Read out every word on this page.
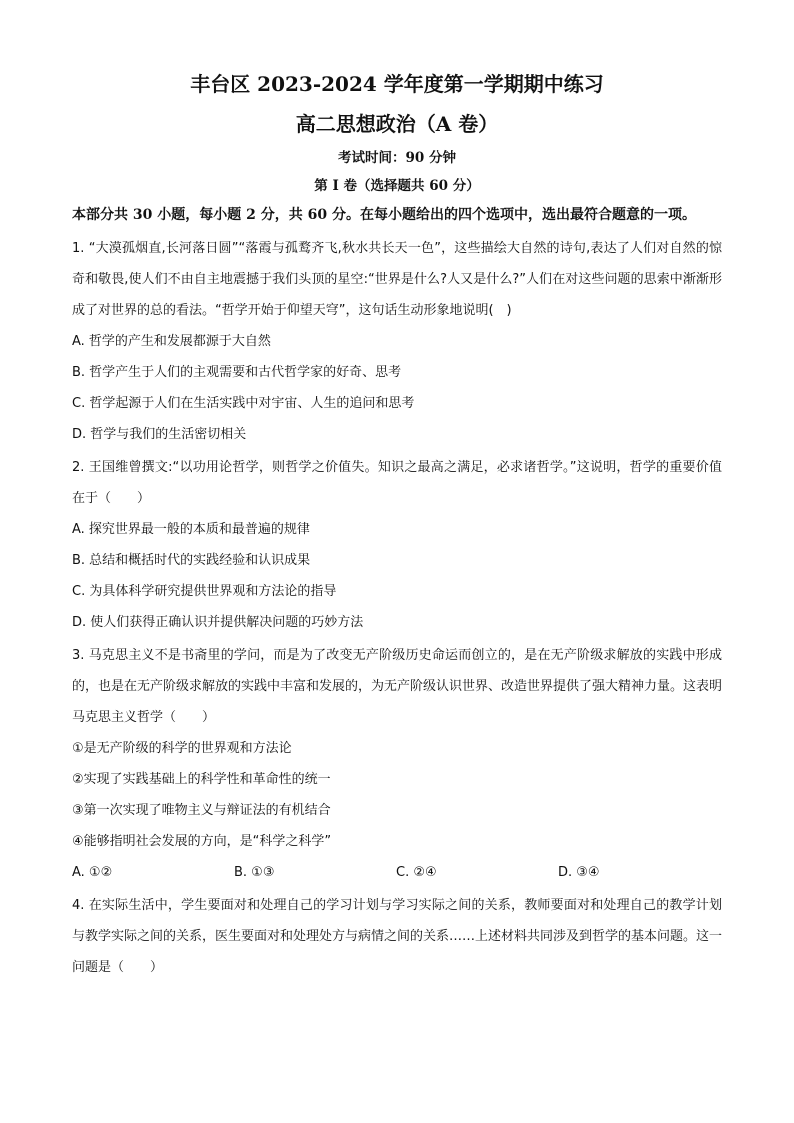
丰台区 2023-2024 学年度第一学期期中练习
高二思想政治（A 卷）
考试时间：90 分钟
第 I 卷（选择题共 60 分）
本部分共 30 小题，每小题 2 分，共 60 分。在每小题给出的四个选项中，选出最符合题意的一项。
1. “大漠孤烟直,长河落日圆”“落霞与孤鹜齐飞,秋水共长天一色”，这些描绘大自然的诗句,表达了人们对自然的惊奇和敬畏,使人们不由自主地震撼于我们头顶的星空:“世界是什么?人又是什么?”人们在对这些问题的思索中渐渐形成了对世界的总的看法。“哲学开始于仰望天穹”，这句话生动形象地说明(　)
A. 哲学的产生和发展都源于大自然
B. 哲学产生于人们的主观需要和古代哲学家的好奇、思考
C. 哲学起源于人们在生活实践中对宇宙、人生的追问和思考
D. 哲学与我们的生活密切相关
2. 王国维曾撰文:“以功用论哲学，则哲学之价值失。知识之最高之满足，必求诸哲学。”这说明，哲学的重要价值在于（　　）
A. 探究世界最一般的本质和最普遍的规律
B. 总结和概括时代的实践经验和认识成果
C. 为具体科学研究提供世界观和方法论的指导
D. 使人们获得正确认识并提供解决问题的巧妙方法
3. 马克思主义不是书斋里的学问，而是为了改变无产阶级历史命运而创立的，是在无产阶级求解放的实践中形成的，也是在无产阶级求解放的实践中丰富和发展的，为无产阶级认识世界、改造世界提供了强大精神力量。这表明马克思主义哲学（　　）
①是无产阶级的科学的世界观和方法论
②实现了实践基础上的科学性和革命性的统一
③第一次实现了唯物主义与辩证法的有机结合
④能够指明社会发展的方向，是“科学之科学”
A. ①②	B. ①③	C. ②④	D. ③④
4. 在实际生活中，学生要面对和处理自己的学习计划与学习实际之间的关系，教师要面对和处理自己的教学计划与教学实际之间的关系，医生要面对和处理处方与病情之间的关系……上述材料共同涉及到哲学的基本问题。这一问题是（　　）
